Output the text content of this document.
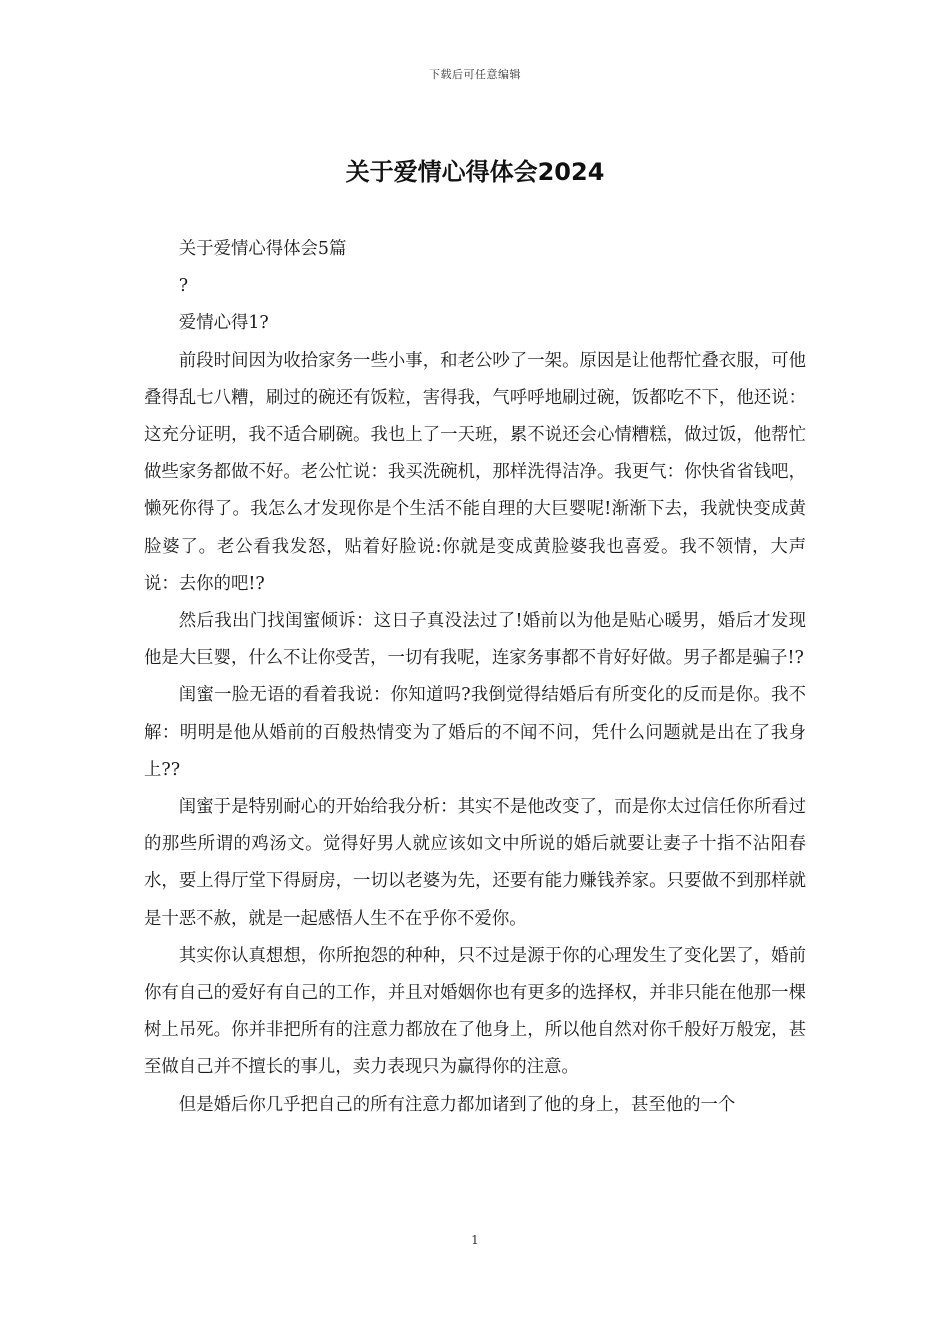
下载后可任意编辑
关于爱情心得体会2024

关于爱情心得体会5篇

?

爱情心得1?

前段时间因为收拾家务一些小事，和老公吵了一架。原因是让他帮忙叠衣服，可他叠得乱七八糟，刷过的碗还有饭粒，害得我，气呼呼地刷过碗，饭都吃不下，他还说：这充分证明，我不适合刷碗。我也上了一天班，累不说还会心情糟糕，做过饭，他帮忙做些家务都做不好。老公忙说：我买洗碗机，那样洗得洁净。我更气：你快省省钱吧，懒死你得了。我怎么才发现你是个生活不能自理的大巨婴呢!渐渐下去，我就快变成黄脸婆了。老公看我发怒，贴着好脸说:你就是变成黄脸婆我也喜爱。我不领情，大声说：去你的吧!?

然后我出门找闺蜜倾诉：这日子真没法过了!婚前以为他是贴心暖男，婚后才发现他是大巨婴，什么不让你受苦，一切有我呢，连家务事都不肯好好做。男子都是骗子!?

闺蜜一脸无语的看着我说：你知道吗?我倒觉得结婚后有所变化的反而是你。我不解：明明是他从婚前的百般热情变为了婚后的不闻不问，凭什么问题就是出在了我身上??

闺蜜于是特别耐心的开始给我分析：其实不是他改变了，而是你太过信任你所看过的那些所谓的鸡汤文。觉得好男人就应该如文中所说的婚后就要让妻子十指不沾阳春水，要上得厅堂下得厨房，一切以老婆为先，还要有能力赚钱养家。只要做不到那样就是十恶不赦，就是一起感悟人生不在乎你不爱你。

其实你认真想想，你所抱怨的种种，只不过是源于你的心理发生了变化罢了，婚前你有自己的爱好有自己的工作，并且对婚姻你也有更多的选择权，并非只能在他那一棵树上吊死。你并非把所有的注意力都放在了他身上，所以他自然对你千般好万般宠，甚至做自己并不擅长的事儿，卖力表现只为赢得你的注意。

但是婚后你几乎把自己的所有注意力都加诸到了他的身上，甚至他的一个

1
